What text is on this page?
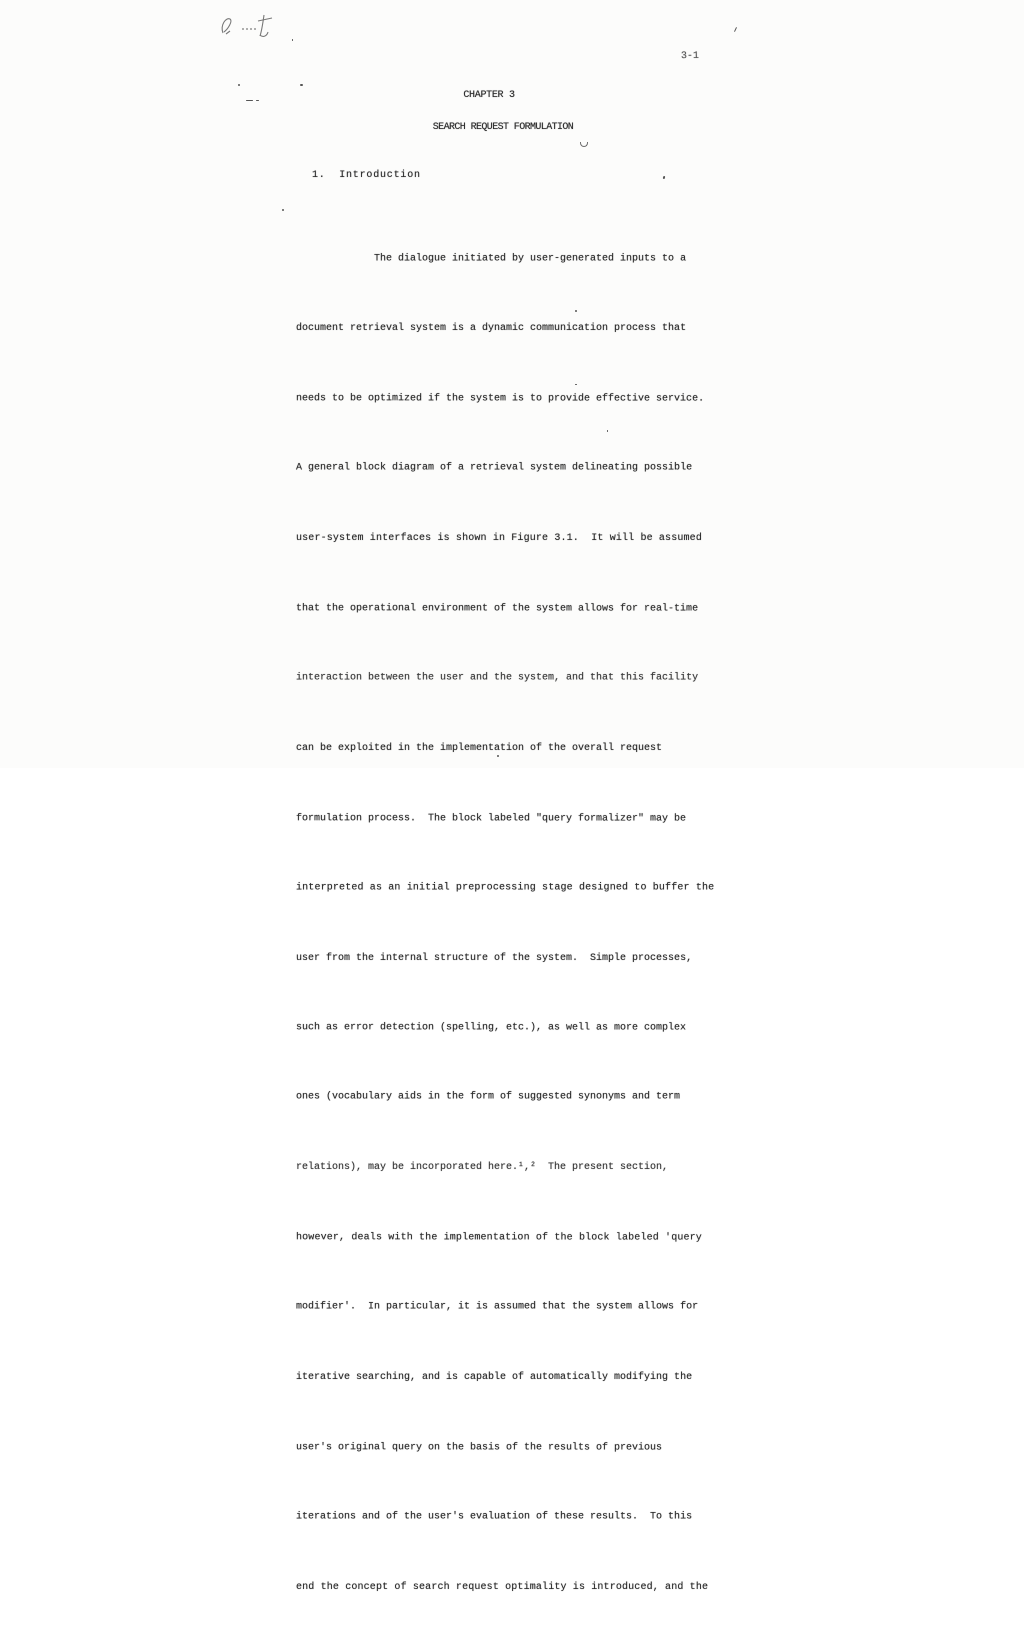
3-1
CHAPTER 3
SEARCH REQUEST FORMULATION
1.  Introduction

The dialogue initiated by user-generated inputs to a

document retrieval system is a dynamic communication process that

needs to be optimized if the system is to provide effective service.

A general block diagram of a retrieval system delineating possible

user-system interfaces is shown in Figure 3.1.  It will be assumed

that the operational environment of the system allows for real-time

interaction between the user and the system, and that this facility

can be exploited in the implementation of the overall request

formulation process.  The block labeled "query formalizer" may be

interpreted as an initial preprocessing stage designed to buffer the

user from the internal structure of the system.  Simple processes,

such as error detection (spelling, etc.), as well as more complex

ones (vocabulary aids in the form of suggested synonyms and term

relations), may be incorporated here.¹,²  The present section,

however, deals with the implementation of the block labeled 'query

modifier'.  In particular, it is assumed that the system allows for

iterative searching, and is capable of automatically modifying the

user's original query on the basis of the results of previous

iterations and of the user's evaluation of these results.  To this

end the concept of search request optimality is introduced, and the
